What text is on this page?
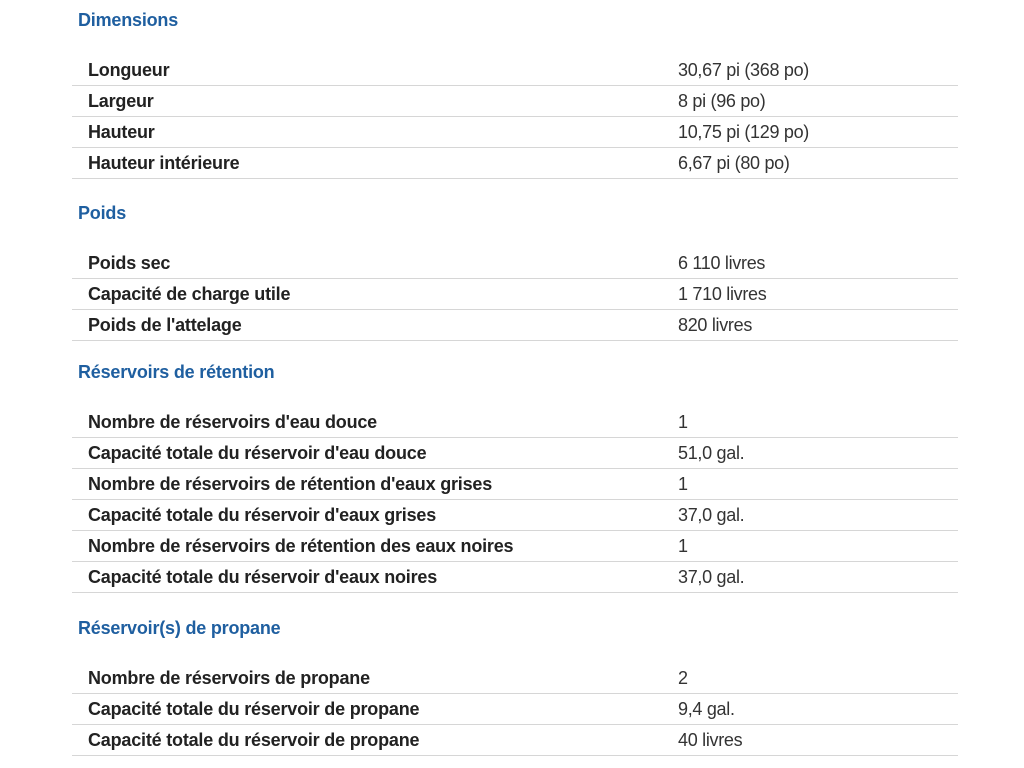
Dimensions
Longueur	30,67 pi (368 po)
Largeur	8 pi (96 po)
Hauteur	10,75 pi (129 po)
Hauteur intérieure	6,67 pi (80 po)
Poids
Poids sec	6 110 livres
Capacité de charge utile	1 710 livres
Poids de l'attelage	820 livres
Réservoirs de rétention
Nombre de réservoirs d'eau douce	1
Capacité totale du réservoir d'eau douce	51,0 gal.
Nombre de réservoirs de rétention d'eaux grises	1
Capacité totale du réservoir d'eaux grises	37,0 gal.
Nombre de réservoirs de rétention des eaux noires	1
Capacité totale du réservoir d'eaux noires	37,0 gal.
Réservoir(s) de propane
Nombre de réservoirs de propane	2
Capacité totale du réservoir de propane	9,4 gal.
Capacité totale du réservoir de propane	40 livres
